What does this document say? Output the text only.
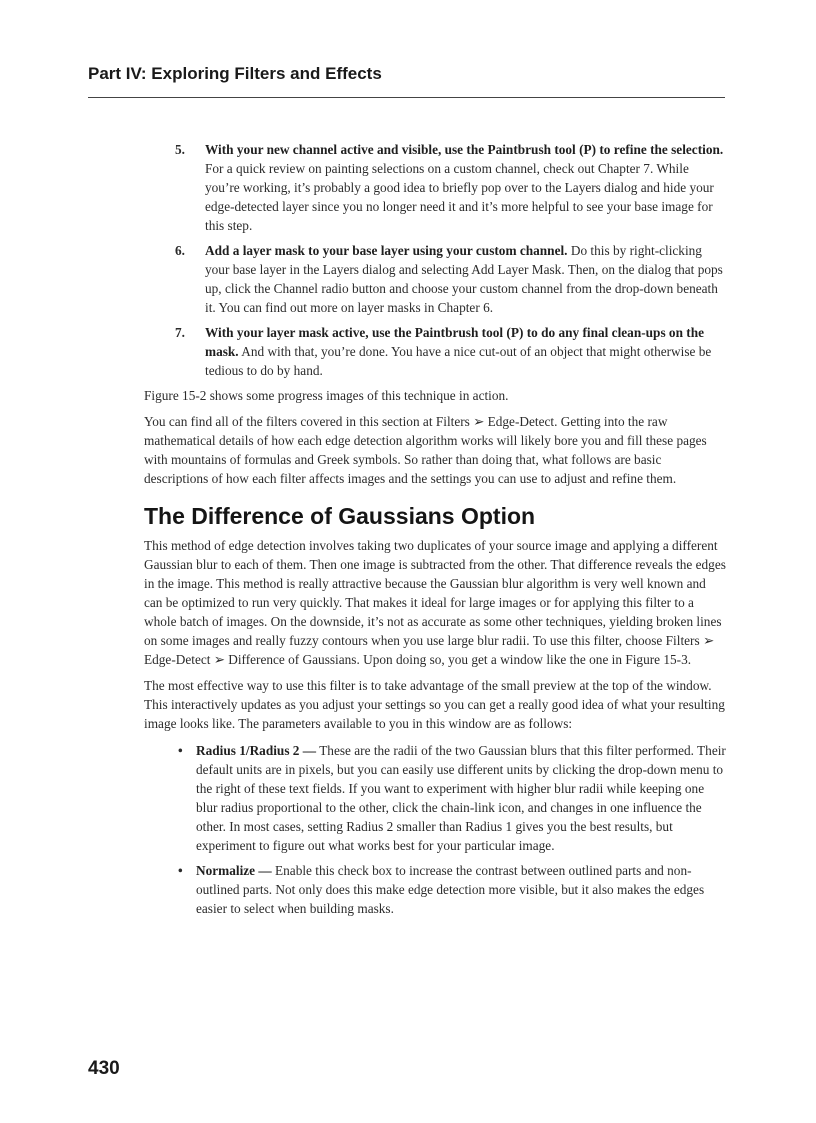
Part IV: Exploring Filters and Effects
5.	With your new channel active and visible, use the Paintbrush tool (P) to refine the selection. For a quick review on painting selections on a custom channel, check out Chapter 7. While you’re working, it’s probably a good idea to briefly pop over to the Layers dialog and hide your edge-detected layer since you no longer need it and it’s more helpful to see your base image for this step.
6.	Add a layer mask to your base layer using your custom channel. Do this by right-clicking your base layer in the Layers dialog and selecting Add Layer Mask. Then, on the dialog that pops up, click the Channel radio button and choose your custom channel from the drop-down beneath it. You can find out more on layer masks in Chapter 6.
7.	With your layer mask active, use the Paintbrush tool (P) to do any final clean-ups on the mask. And with that, you’re done. You have a nice cut-out of an object that might otherwise be tedious to do by hand.

Figure 15-2 shows some progress images of this technique in action.

You can find all of the filters covered in this section at Filters ➢ Edge-Detect. Getting into the raw mathematical details of how each edge detection algorithm works will likely bore you and fill these pages with mountains of formulas and Greek symbols. So rather than doing that, what follows are basic descriptions of how each filter affects images and the settings you can use to adjust and refine them.

The Difference of Gaussians Option

This method of edge detection involves taking two duplicates of your source image and applying a different Gaussian blur to each of them. Then one image is subtracted from the other. That difference reveals the edges in the image. This method is really attractive because the Gaussian blur algorithm is very well known and can be optimized to run very quickly. That makes it ideal for large images or for applying this filter to a whole batch of images. On the downside, it’s not as accurate as some other techniques, yielding broken lines on some images and really fuzzy contours when you use large blur radii. To use this filter, choose Filters ➢ Edge-Detect ➢ Difference of Gaussians. Upon doing so, you get a window like the one in Figure 15-3.

The most effective way to use this filter is to take advantage of the small preview at the top of the window. This interactively updates as you adjust your settings so you can get a really good idea of what your resulting image looks like. The parameters available to you in this window are as follows:

•	Radius 1/Radius 2 — These are the radii of the two Gaussian blurs that this filter performed. Their default units are in pixels, but you can easily use different units by clicking the drop-down menu to the right of these text fields. If you want to experiment with higher blur radii while keeping one blur radius proportional to the other, click the chain-link icon, and changes in one influence the other. In most cases, setting Radius 2 smaller than Radius 1 gives you the best results, but experiment to figure out what works best for your particular image.
•	Normalize — Enable this check box to increase the contrast between outlined parts and non-outlined parts. Not only does this make edge detection more visible, but it also makes the edges easier to select when building masks.
430
